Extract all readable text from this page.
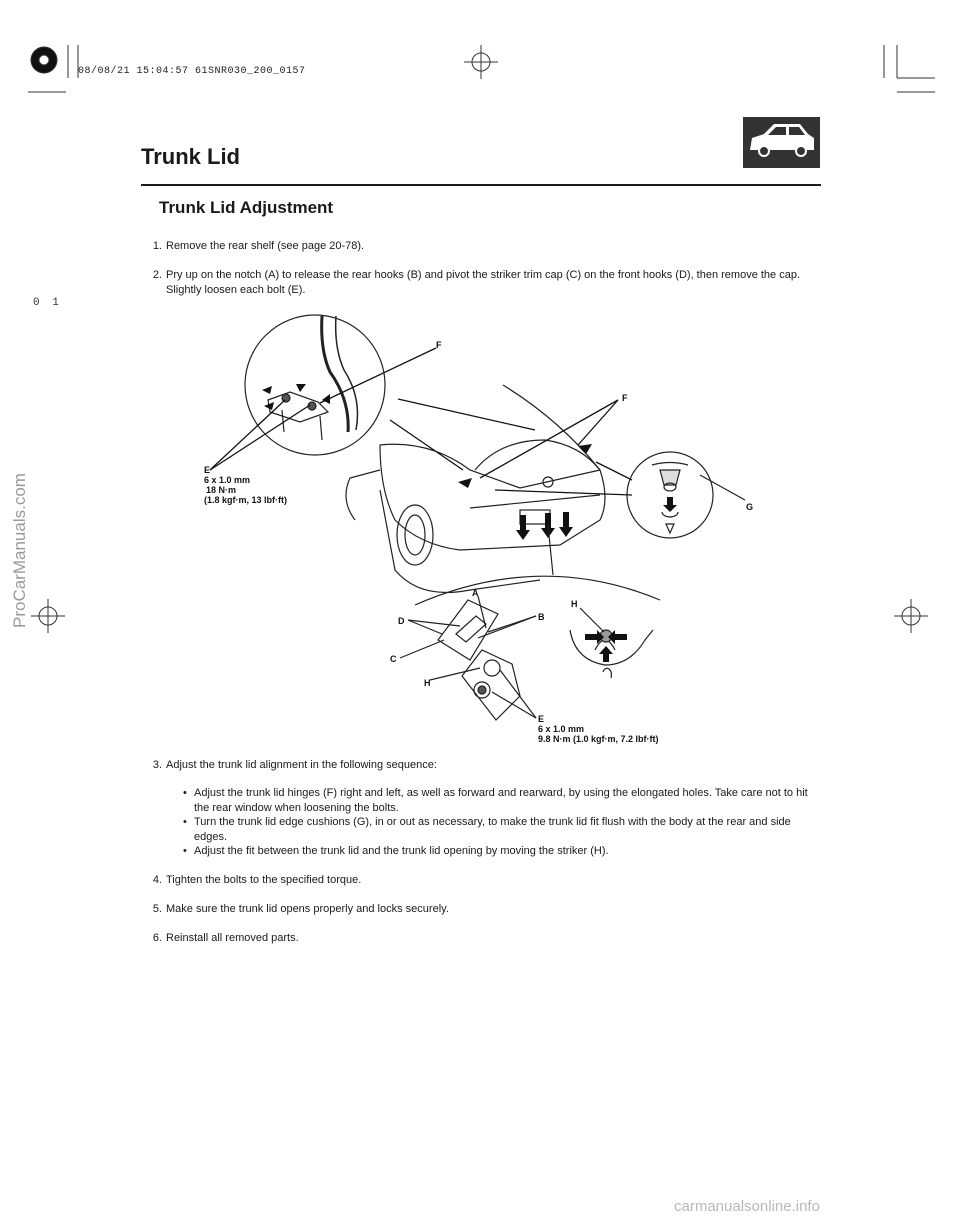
08/08/21 15:04:57 61SNR030_200_0157
0 1
Trunk Lid
Trunk Lid Adjustment
1. Remove the rear shelf (see page 20-78).
2. Pry up on the notch (A) to release the rear hooks (B) and pivot the striker trim cap (C) on the front hooks (D), then remove the cap. Slightly loosen each bolt (E).
F
F
G
E
6 x 1.0 mm
18 N·m
(1.8 kgf·m, 13 lbf·ft)
A
B
D
C
H
H
E
6 x 1.0 mm
9.8 N·m (1.0 kgf·m, 7.2 lbf·ft)
3. Adjust the trunk lid alignment in the following sequence:
• Adjust the trunk lid hinges (F) right and left, as well as forward and rearward, by using the elongated holes. Take care not to hit the rear window when loosening the bolts.
• Turn the trunk lid edge cushions (G), in or out as necessary, to make the trunk lid fit flush with the body at the rear and side edges.
• Adjust the fit between the trunk lid and the trunk lid opening by moving the striker (H).
4. Tighten the bolts to the specified torque.
5. Make sure the trunk lid opens properly and locks securely.
6. Reinstall all removed parts.
ProCarManuals.com
carmanualsonline.info
